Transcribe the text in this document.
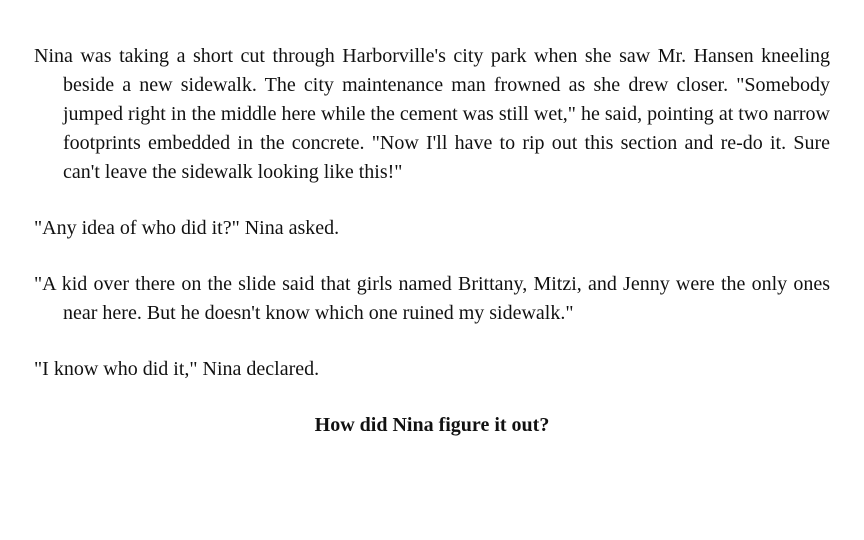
Nina was taking a short cut through Harborville's city park when she saw Mr. Hansen kneeling beside a new sidewalk. The city maintenance man frowned as she drew closer. "Somebody jumped right in the middle here while the cement was still wet," he said, pointing at two narrow footprints embedded in the concrete. "Now I'll have to rip out this section and re-do it. Sure can't leave the sidewalk looking like this!"

"Any idea of who did it?" Nina asked.

"A kid over there on the slide said that girls named Brittany, Mitzi, and Jenny were the only ones near here. But he doesn't know which one ruined my sidewalk."

"I know who did it," Nina declared.

How did Nina figure it out?
